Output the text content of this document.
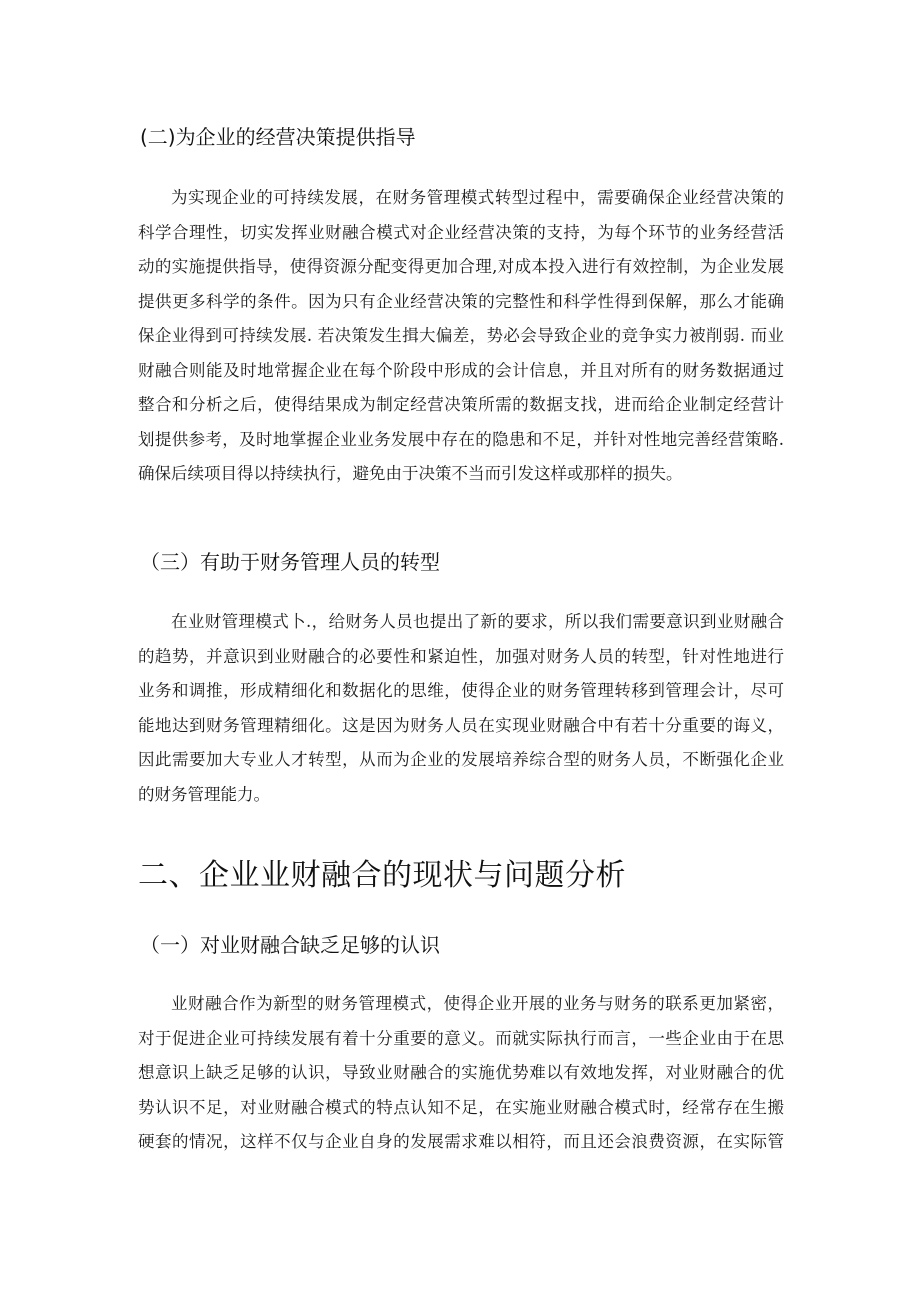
(二)为企业的经营决策提供指导
为实现企业的可持续发展，在财务管理模式转型过程中，需要确保企业经营决策的
科学合理性，切实发挥业财融合模式对企业经营决策的支持，为每个环节的业务经营活
动的实施提供指导，使得资源分配变得更加合理,对成本投入进行有效控制，为企业发展
提供更多科学的条件。因为只有企业经营决策的完整性和科学性得到保解，那么才能确
保企业得到可持续发展. 若决策发生揖大偏差，势必会导致企业的竞争实力被削弱. 而业
财融合则能及时地常握企业在每个阶段中形成的会计信息，并且对所有的财务数据通过
整合和分析之后，使得结果成为制定经营决策所需的数据支找，进而给企业制定经营计
划提供参考，及时地掌握企业业务发展中存在的隐患和不足，并针对性地完善经营策略.
确保后续项目得以持续执行，避免由于决策不当而引发这样或那样的损失。
（三）有助于财务管理人员的转型
在业财管理模式卜.，给财务人员也提出了新的要求，所以我们需要意识到业财融合
的趋势，并意识到业财融合的必要性和紧迫性，加强对财务人员的转型，针对性地进行
业务和调推，形成精细化和数据化的思维，使得企业的财务管理转移到管理会计，尽可
能地达到财务管理精细化。这是因为财务人员在实现业财融合中有若十分重要的诲义，
因此需要加大专业人才转型，从而为企业的发展培养综合型的财务人员，不断强化企业
的财务管理能力。
二、企业业财融合的现状与问题分析
（一）对业财融合缺乏足够的认识
业财融合作为新型的财务管理模式，使得企业开展的业务与财务的联系更加紧密，
对于促进企业可持续发展有着十分重要的意义。而就实际执行而言，一些企业由于在思
想意识上缺乏足够的认识，导致业财融合的实施优势难以有效地发挥，对业财融合的优
势认识不足，对业财融合模式的特点认知不足，在实施业财融合模式时，经常存在生搬
硬套的情况，这样不仅与企业自身的发展需求难以相符，而且还会浪费资源，在实际管
